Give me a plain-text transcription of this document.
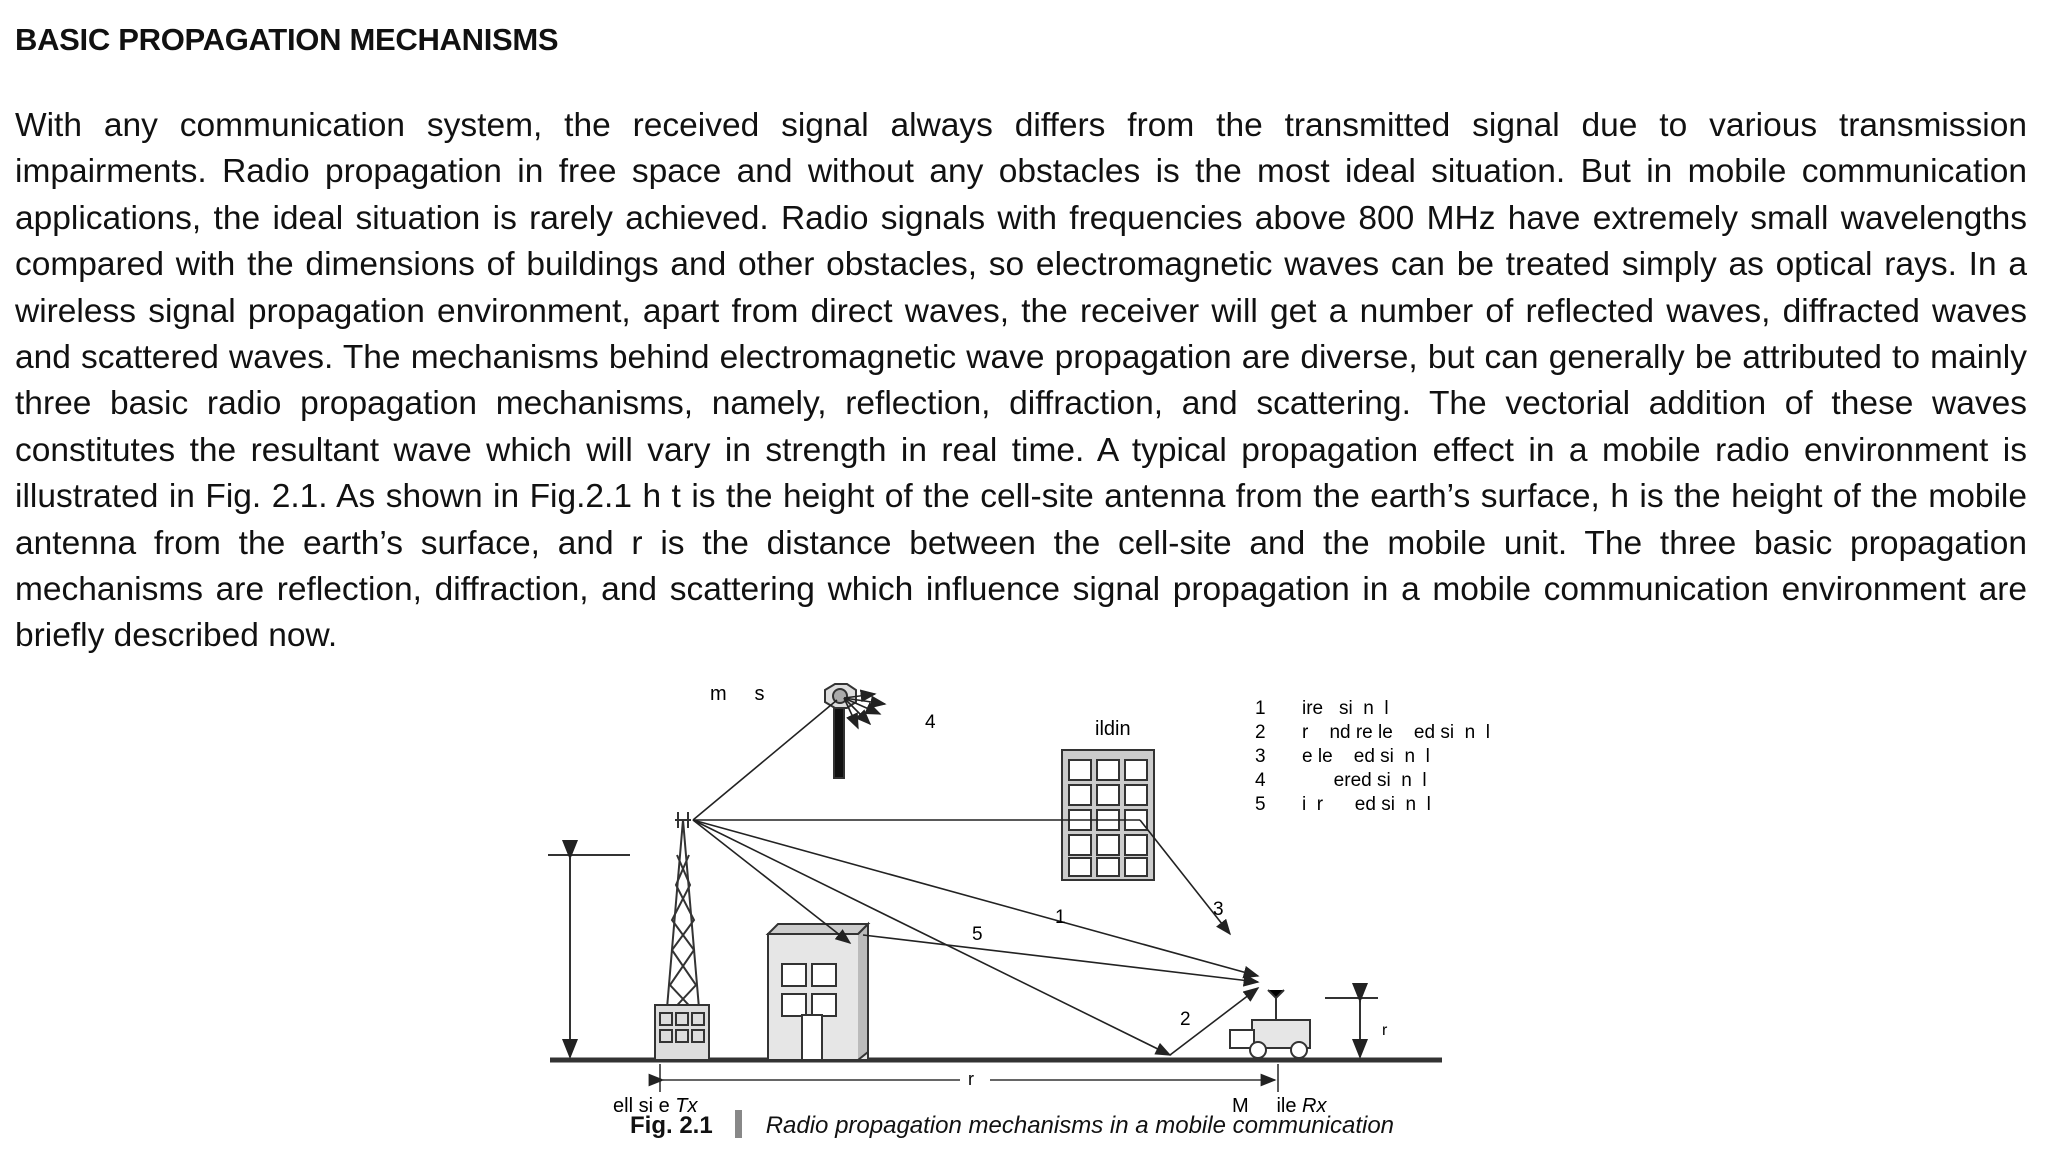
BASIC PROPAGATION MECHANISMS

With any communication system, the received signal always differs from the transmitted signal due to various transmission impairments. Radio propagation in free space and without any obstacles is the most ideal situation. But in mobile communication applications, the ideal situation is rarely achieved. Radio signals with frequencies above 800 MHz have extremely small wavelengths compared with the dimensions of buildings and other obstacles, so electromagnetic waves can be treated simply as optical rays. In a wireless signal propagation environment, apart from direct waves, the receiver will get a number of reflected waves, diffracted waves and scattered waves. The mechanisms behind electromagnetic wave propagation are diverse, but can generally be attributed to mainly three basic radio propagation mechanisms, namely, reflection, diffraction, and scattering. The vectorial addition of these waves constitutes the resultant wave which will vary in strength in real time. A typical propagation effect in a mobile radio environment is illustrated in Fig. 2.1. As shown in Fig.2.1 h t is the height of the cell-site antenna from the earth’s surface, h is the height of the mobile antenna from the earth’s surface, and r is the distance between the cell-site and the mobile unit. The three basic propagation mechanisms are reflection, diffraction, and scattering which influence signal propagation in a mobile communication environment are briefly described now.

4
5
1	3
2
m     s
ildin
1 ire   si  n  l
2 r    nd re le    ed si  n  l
3 e le    ed si  n  l
4 ered si  n  l
5 i  r      ed si  n  l
r
r
ell si e Tx	M     ile Rx
Fig. 2.1 Radio propagation mechanisms in a mobile communication
